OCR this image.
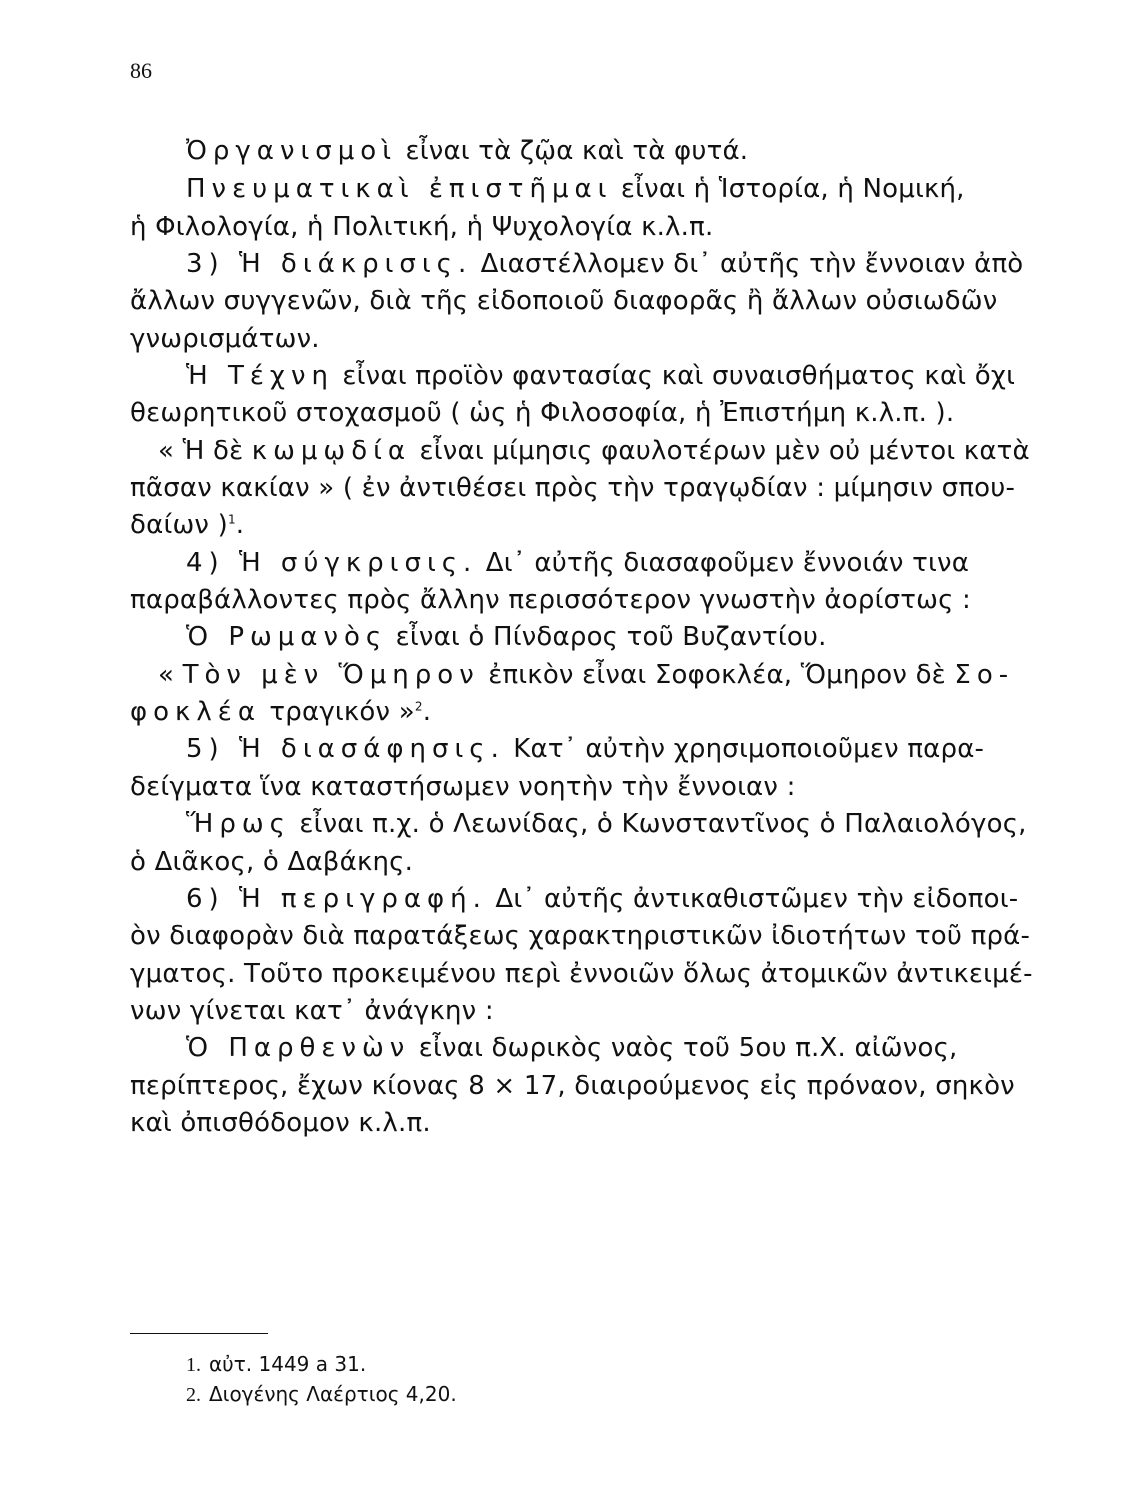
86
Ὀργανισμοὶ εἶναι τὰ ζῷα καὶ τὰ φυτά.
Πνευματικαὶ ἐπιστῆμαι εἶναι ἡ Ἱστορία, ἡ Νομική,
ἡ Φιλολογία, ἡ Πολιτική, ἡ Ψυχολογία κ.λ.π.
3) Ἡ διάκρισις. Διαστέλλομεν δι᾽ αὐτῆς τὴν ἔννοιαν ἀπὸ
ἄλλων συγγενῶν, διὰ τῆς εἰδοποιοῦ διαφορᾶς ἢ ἄλλων οὐσιωδῶν
γνωρισμάτων.
Ἡ Τέχνη εἶναι προϊὸν φαντασίας καὶ συναισθήματος καὶ ὄχι
θεωρητικοῦ στοχασμοῦ ( ὡς ἡ Φιλοσοφία, ἡ Ἐπιστήμη κ.λ.π. ).
« Ἡ δὲ κωμῳδία εἶναι μίμησις φαυλοτέρων μὲν οὐ μέντοι κατὰ
πᾶσαν κακίαν » ( ἐν ἀντιθέσει πρὸς τὴν τραγῳδίαν : μίμησιν σπου-
δαίων )$^1$.
4) Ἡ σύγκρισις. Δι᾽ αὐτῆς διασαφοῦμεν ἔννοιάν τινα
παραβάλλοντες πρὸς ἄλλην περισσότερον γνωστὴν ἀορίστως :
Ὁ Ρωμανὸς εἶναι ὁ Πίνδαρος τοῦ Βυζαντίου.
« Τὸν μὲν Ὅμηρον ἐπικὸν εἶναι Σοφοκλέα, Ὅμηρον δὲ Σο-
φοκλέα τραγικόν »$^2$.
5) Ἡ διασάφησις. Κατ᾽ αὐτὴν χρησιμοποιοῦμεν παρα-
δείγματα ἵνα καταστήσωμεν νοητὴν τὴν ἔννοιαν :
Ἥρως εἶναι π.χ. ὁ Λεωνίδας, ὁ Κωνσταντῖνος ὁ Παλαιολόγος,
ὁ Διᾶκος, ὁ Δαβάκης.
6) Ἡ περιγραφή. Δι᾽ αὐτῆς ἀντικαθιστῶμεν τὴν εἰδοποι-
ὸν διαφορὰν διὰ παρατάξεως χαρακτηριστικῶν ἰδιοτήτων τοῦ πρά-
γματος. Τοῦτο προκειμένου περὶ ἐννοιῶν ὅλως ἀτομικῶν ἀντικειμέ-
νων γίνεται κατ᾽ ἀνάγκην :
Ὁ Παρθενὼν εἶναι δωρικὸς ναὸς τοῦ 5ου π.Χ. αἰῶνος,
περίπτερος, ἔχων κίονας 8 × 17, διαιρούμενος εἰς πρόναον, σηκὸν
καὶ ὀπισθόδομον κ.λ.π.
1. αὐτ. 1449 a 31.
2. Διογένης Λαέρτιος 4,20.
